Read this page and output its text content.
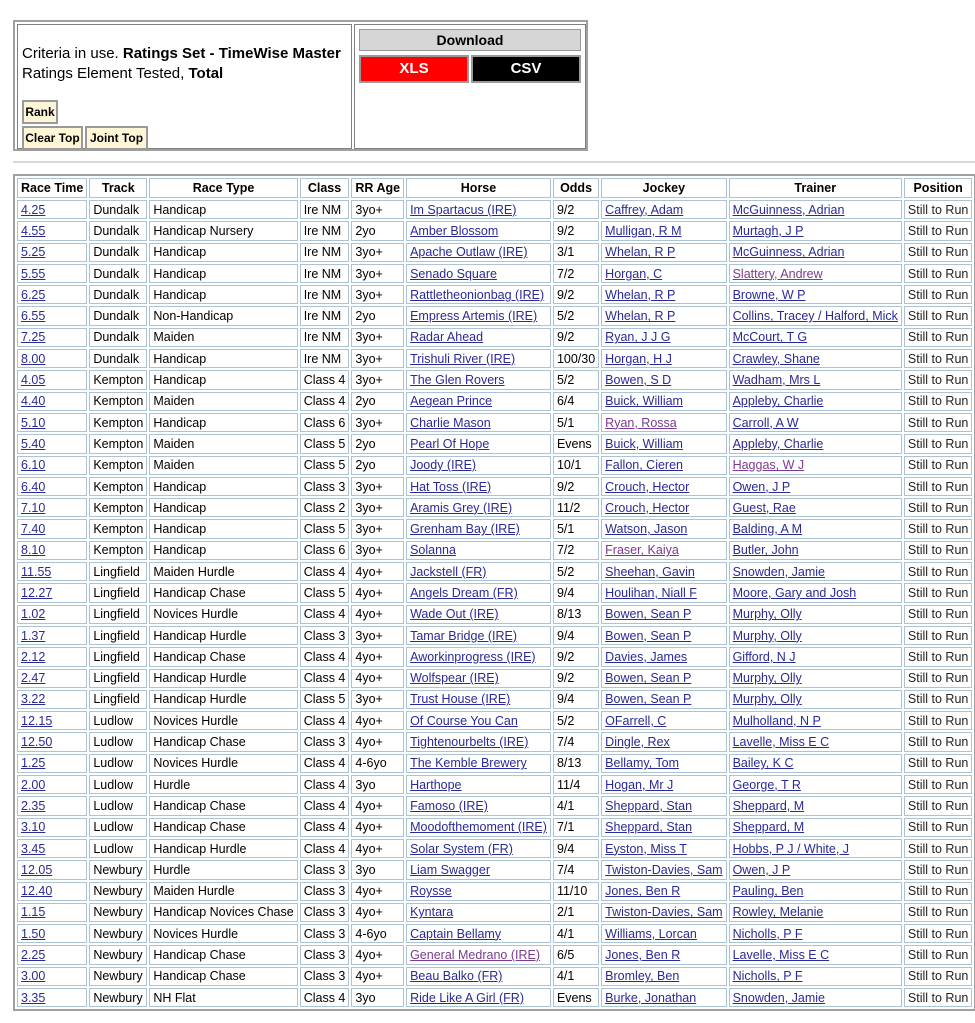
Criteria in use. Ratings Set - TimeWise Master
Ratings Element Tested, Total
Rank
Clear Top Joint Top
Download
XLS	CSV
Race Time	Track	Race Type	Class	RR Age	Horse	Odds	Jockey	Trainer	Position
4.25	Dundalk	Handicap	Ire NM	3yo+	Im Spartacus (IRE)	9/2	Caffrey, Adam	McGuinness, Adrian	Still to Run
4.55	Dundalk	Handicap Nursery	Ire NM	2yo	Amber Blossom	9/2	Mulligan, R M	Murtagh, J P	Still to Run
5.25	Dundalk	Handicap	Ire NM	3yo+	Apache Outlaw (IRE)	3/1	Whelan, R P	McGuinness, Adrian	Still to Run
5.55	Dundalk	Handicap	Ire NM	3yo+	Senado Square	7/2	Horgan, C	Slattery, Andrew	Still to Run
6.25	Dundalk	Handicap	Ire NM	3yo+	Rattletheonionbag (IRE)	9/2	Whelan, R P	Browne, W P	Still to Run
6.55	Dundalk	Non-Handicap	Ire NM	2yo	Empress Artemis (IRE)	5/2	Whelan, R P	Collins, Tracey / Halford, Mick	Still to Run
7.25	Dundalk	Maiden	Ire NM	3yo+	Radar Ahead	9/2	Ryan, J J G	McCourt, T G	Still to Run
8.00	Dundalk	Handicap	Ire NM	3yo+	Trishuli River (IRE)	100/30	Horgan, H J	Crawley, Shane	Still to Run
4.05	Kempton	Handicap	Class 4	3yo+	The Glen Rovers	5/2	Bowen, S D	Wadham, Mrs L	Still to Run
4.40	Kempton	Maiden	Class 4	2yo	Aegean Prince	6/4	Buick, William	Appleby, Charlie	Still to Run
5.10	Kempton	Handicap	Class 6	3yo+	Charlie Mason	5/1	Ryan, Rossa	Carroll, A W	Still to Run
5.40	Kempton	Maiden	Class 5	2yo	Pearl Of Hope	Evens	Buick, William	Appleby, Charlie	Still to Run
6.10	Kempton	Maiden	Class 5	2yo	Joody (IRE)	10/1	Fallon, Cieren	Haggas, W J	Still to Run
6.40	Kempton	Handicap	Class 3	3yo+	Hat Toss (IRE)	9/2	Crouch, Hector	Owen, J P	Still to Run
7.10	Kempton	Handicap	Class 2	3yo+	Aramis Grey (IRE)	11/2	Crouch, Hector	Guest, Rae	Still to Run
7.40	Kempton	Handicap	Class 5	3yo+	Grenham Bay (IRE)	5/1	Watson, Jason	Balding, A M	Still to Run
8.10	Kempton	Handicap	Class 6	3yo+	Solanna	7/2	Fraser, Kaiya	Butler, John	Still to Run
11.55	Lingfield	Maiden Hurdle	Class 4	4yo+	Jackstell (FR)	5/2	Sheehan, Gavin	Snowden, Jamie	Still to Run
12.27	Lingfield	Handicap Chase	Class 5	4yo+	Angels Dream (FR)	9/4	Houlihan, Niall F	Moore, Gary and Josh	Still to Run
1.02	Lingfield	Novices Hurdle	Class 4	4yo+	Wade Out (IRE)	8/13	Bowen, Sean P	Murphy, Olly	Still to Run
1.37	Lingfield	Handicap Hurdle	Class 3	3yo+	Tamar Bridge (IRE)	9/4	Bowen, Sean P	Murphy, Olly	Still to Run
2.12	Lingfield	Handicap Chase	Class 4	4yo+	Aworkinprogress (IRE)	9/2	Davies, James	Gifford, N J	Still to Run
2.47	Lingfield	Handicap Hurdle	Class 4	4yo+	Wolfspear (IRE)	9/2	Bowen, Sean P	Murphy, Olly	Still to Run
3.22	Lingfield	Handicap Hurdle	Class 5	3yo+	Trust House (IRE)	9/4	Bowen, Sean P	Murphy, Olly	Still to Run
12.15	Ludlow	Novices Hurdle	Class 4	4yo+	Of Course You Can	5/2	OFarrell, C	Mulholland, N P	Still to Run
12.50	Ludlow	Handicap Chase	Class 3	4yo+	Tightenourbelts (IRE)	7/4	Dingle, Rex	Lavelle, Miss E C	Still to Run
1.25	Ludlow	Novices Hurdle	Class 4	4-6yo	The Kemble Brewery	8/13	Bellamy, Tom	Bailey, K C	Still to Run
2.00	Ludlow	Hurdle	Class 4	3yo	Harthope	11/4	Hogan, Mr J	George, T R	Still to Run
2.35	Ludlow	Handicap Chase	Class 4	4yo+	Famoso (IRE)	4/1	Sheppard, Stan	Sheppard, M	Still to Run
3.10	Ludlow	Handicap Chase	Class 4	4yo+	Moodofthemoment (IRE)	7/1	Sheppard, Stan	Sheppard, M	Still to Run
3.45	Ludlow	Handicap Hurdle	Class 4	4yo+	Solar System (FR)	9/4	Eyston, Miss T	Hobbs, P J / White, J	Still to Run
12.05	Newbury	Hurdle	Class 3	3yo	Liam Swagger	7/4	Twiston-Davies, Sam	Owen, J P	Still to Run
12.40	Newbury	Maiden Hurdle	Class 3	4yo+	Roysse	11/10	Jones, Ben R	Pauling, Ben	Still to Run
1.15	Newbury	Handicap Novices Chase	Class 3	4yo+	Kyntara	2/1	Twiston-Davies, Sam	Rowley, Melanie	Still to Run
1.50	Newbury	Novices Hurdle	Class 3	4-6yo	Captain Bellamy	4/1	Williams, Lorcan	Nicholls, P F	Still to Run
2.25	Newbury	Handicap Chase	Class 3	4yo+	General Medrano (IRE)	6/5	Jones, Ben R	Lavelle, Miss E C	Still to Run
3.00	Newbury	Handicap Chase	Class 3	4yo+	Beau Balko (FR)	4/1	Bromley, Ben	Nicholls, P F	Still to Run
3.35	Newbury	NH Flat	Class 4	3yo	Ride Like A Girl (FR)	Evens	Burke, Jonathan	Snowden, Jamie	Still to Run
